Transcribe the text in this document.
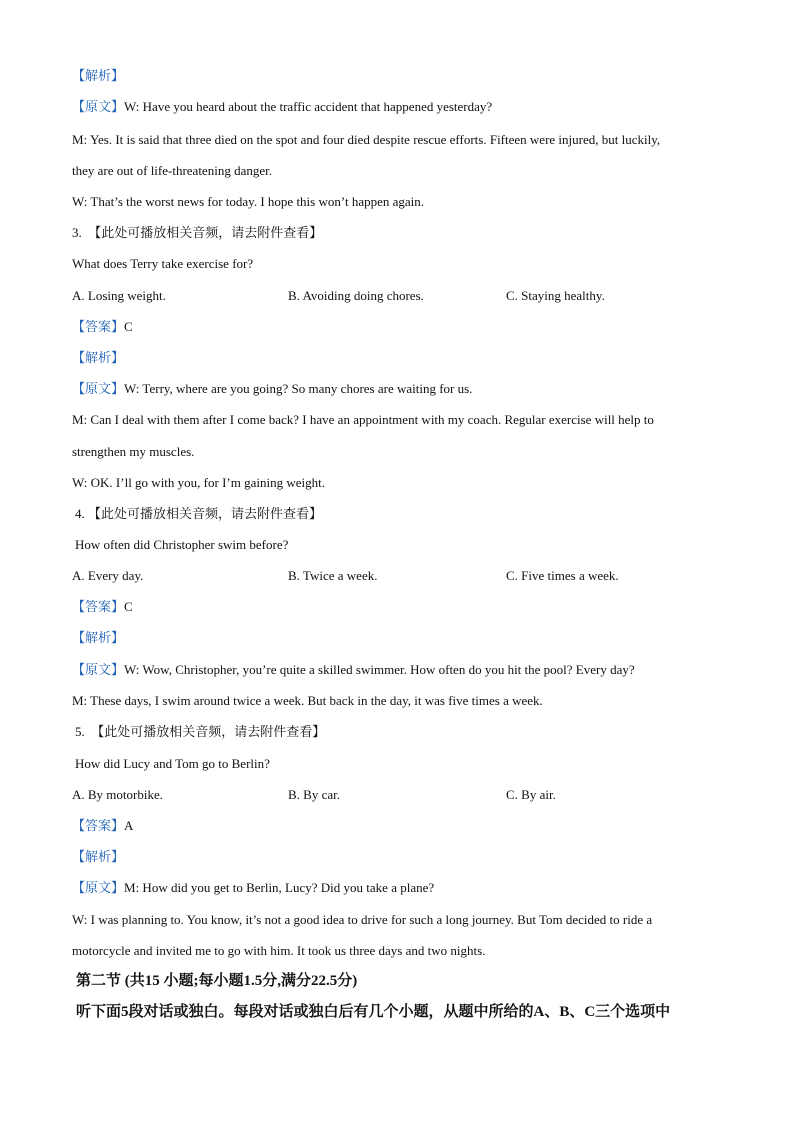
【解析】
【原文】W: Have you heard about the traffic accident that happened yesterday?
M: Yes. It is said that three died on the spot and four died despite rescue efforts. Fifteen were injured, but luckily,
they are out of life-threatening danger.
W: That’s the worst news for today. I hope this won’t happen again.
3.　【此处可播放相关音频，请去附件查看】
What does Terry take exercise for?
A. Losing weight.	B. Avoiding doing chores.	C. Staying healthy.
【答案】C
【解析】
【原文】W: Terry, where are you going? So many chores are waiting for us.
M: Can I deal with them after I come back? I have an appointment with my coach. Regular exercise will help to
strengthen my muscles.
W: OK. I’ll go with you, for I’m gaining weight.
4. 【此处可播放相关音频，请去附件查看】
How often did Christopher swim before?
A. Every day.	B. Twice a week.	C. Five times a week.
【答案】C
【解析】
【原文】W: Wow, Christopher, you’re quite a skilled swimmer. How often do you hit the pool? Every day?
M: These days, I swim around twice a week. But back in the day, it was five times a week.
5.　【此处可播放相关音频，请去附件查看】
How did Lucy and Tom go to Berlin?
A. By motorbike.	B. By car.	C. By air.
【答案】A
【解析】
【原文】M: How did you get to Berlin, Lucy? Did you take a plane?
W: I was planning to. You know, it’s not a good idea to drive for such a long journey. But Tom decided to ride a
motorcycle and invited me to go with him. It took us three days and two nights.
第二节 (共15 小题;每小题1.5分,满分22.5分)
听下面5段对话或独白。每段对话或独白后有几个小题，从题中所给的A、B、C三个选项中
